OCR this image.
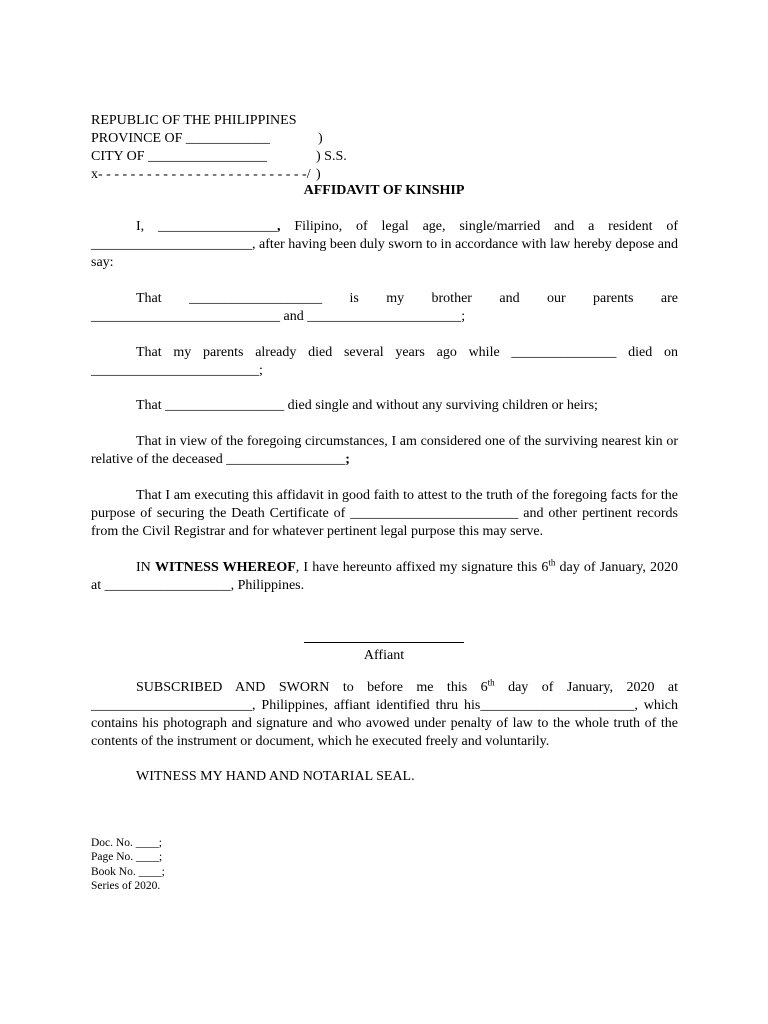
REPUBLIC OF THE PHILIPPINES

)

PROVINCE OF ____________

) S.S.

CITY OF _________________

)

x- - - - - - - - - - - - - - - - - - - - - - - - - -/

AFFIDAVIT OF KINSHIP
I, _________________, Filipino, of legal age, single/married and a resident of _______________________, after having been duly sworn to in accordance with law hereby depose and say:
That ___________________ is my brother and our parents are ___________________________ and ______________________;
That my parents already died several years ago while _______________ died on ________________________;
That _________________ died single and without any surviving children or heirs;
That in view of the foregoing circumstances, I am considered one of the surviving nearest kin or relative of the deceased _________________;
That I am executing this affidavit in good faith to attest to the truth of the foregoing facts for the purpose of securing the Death Certificate of ________________________ and other pertinent records from the Civil Registrar and for whatever pertinent legal purpose this may serve.
IN WITNESS WHEREOF, I have hereunto affixed my signature this 6th day of January, 2020 at __________________, Philippines.
Affiant
SUBSCRIBED AND SWORN to before me this 6th day of January, 2020 at _______________________, Philippines, affiant identified thru his______________________, which contains his photograph and signature and who avowed under penalty of law to the whole truth of the contents of the instrument or document, which he executed freely and voluntarily.
WITNESS MY HAND AND NOTARIAL SEAL.
Doc. No. ____;
Page No. ____;
Book No. ____;
Series of 2020.
